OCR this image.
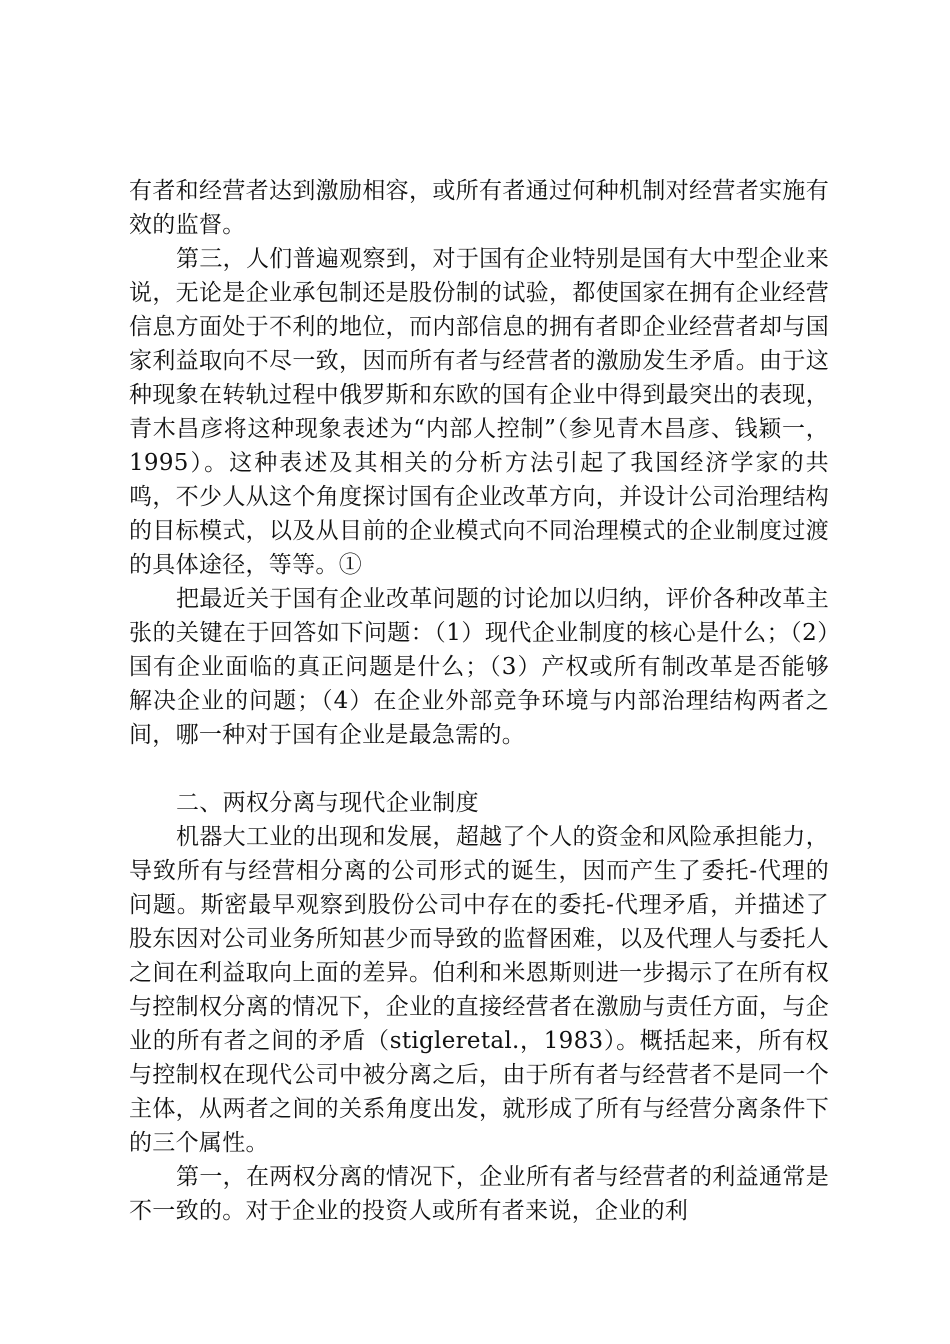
有者和经营者达到激励相容，或所有者通过何种机制对经营者实施有效的监督。

第三，人们普遍观察到，对于国有企业特别是国有大中型企业来说，无论是企业承包制还是股份制的试验，都使国家在拥有企业经营信息方面处于不利的地位，而内部信息的拥有者即企业经营者却与国家利益取向不尽一致，因而所有者与经营者的激励发生矛盾。由于这种现象在转轨过程中俄罗斯和东欧的国有企业中得到最突出的表现，青木昌彦将这种现象表述为“内部人控制”（参见青木昌彦、钱颖一，1995）。这种表述及其相关的分析方法引起了我国经济学家的共鸣，不少人从这个角度探讨国有企业改革方向，并设计公司治理结构的目标模式，以及从目前的企业模式向不同治理模式的企业制度过渡的具体途径，等等。①

把最近关于国有企业改革问题的讨论加以归纳，评价各种改革主张的关键在于回答如下问题：（1）现代企业制度的核心是什么；（2）国有企业面临的真正问题是什么；（3）产权或所有制改革是否能够解决企业的问题；（4）在企业外部竞争环境与内部治理结构两者之间，哪一种对于国有企业是最急需的。

二、两权分离与现代企业制度

机器大工业的出现和发展，超越了个人的资金和风险承担能力，导致所有与经营相分离的公司形式的诞生，因而产生了委托-代理的问题。斯密最早观察到股份公司中存在的委托-代理矛盾，并描述了股东因对公司业务所知甚少而导致的监督困难，以及代理人与委托人之间在利益取向上面的差异。伯利和米恩斯则进一步揭示了在所有权与控制权分离的情况下，企业的直接经营者在激励与责任方面，与企业的所有者之间的矛盾（stigleretal.，1983）。概括起来，所有权与控制权在现代公司中被分离之后，由于所有者与经营者不是同一个主体，从两者之间的关系角度出发，就形成了所有与经营分离条件下的三个属性。

第一，在两权分离的情况下，企业所有者与经营者的利益通常是不一致的。对于企业的投资人或所有者来说，企业的利
